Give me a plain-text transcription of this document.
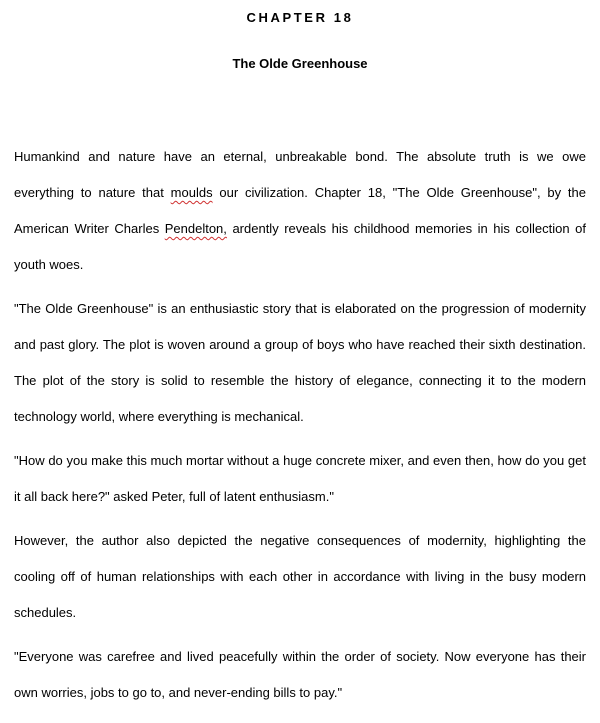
CHAPTER 18
The Olde Greenhouse

Humankind and nature have an eternal, unbreakable bond. The absolute truth is we owe everything to nature that moulds our civilization. Chapter 18, "The Olde Greenhouse", by the American Writer Charles Pendelton, ardently reveals his childhood memories in his collection of youth woes.

"The Olde Greenhouse" is an enthusiastic story that is elaborated on the progression of modernity and past glory. The plot is woven around a group of boys who have reached their sixth destination. The plot of the story is solid to resemble the history of elegance, connecting it to the modern technology world, where everything is mechanical.

"How do you make this much mortar without a huge concrete mixer, and even then, how do you get it all back here?" asked Peter, full of latent enthusiasm."

However, the author also depicted the negative consequences of modernity, highlighting the cooling off of human relationships with each other in accordance with living in the busy modern schedules.

"Everyone was carefree and lived peacefully within the order of society. Now everyone has their own worries, jobs to go to, and never-ending bills to pay."
